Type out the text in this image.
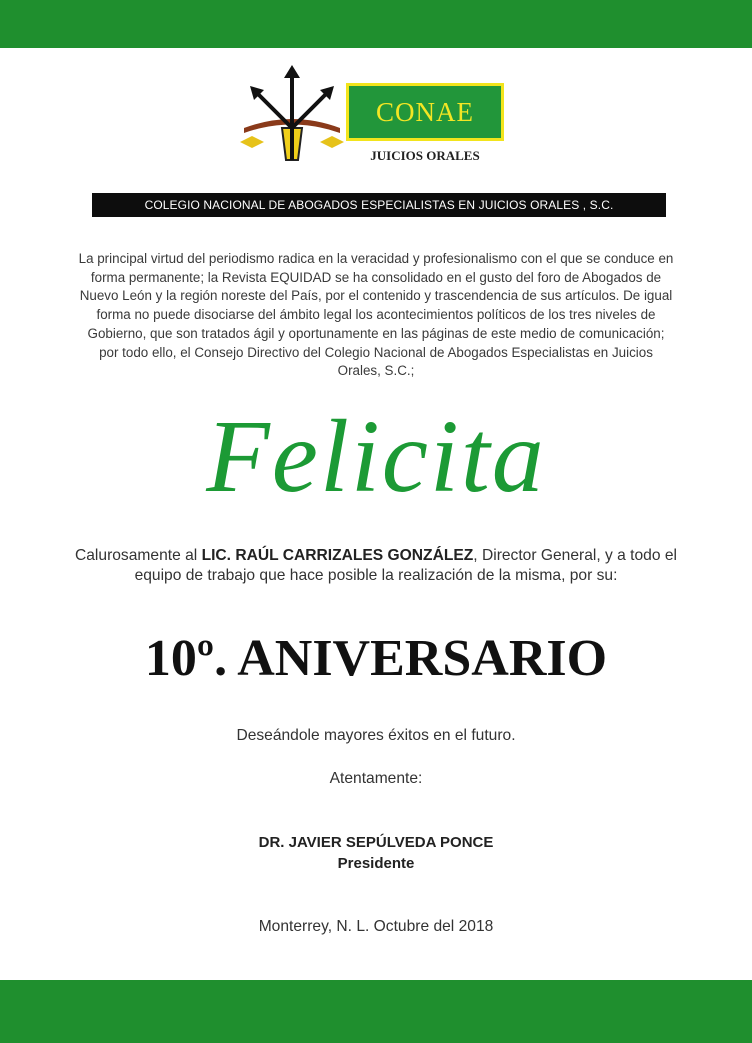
CONAE
JUICIOS ORALES
COLEGIO NACIONAL DE ABOGADOS ESPECIALISTAS EN JUICIOS ORALES , S.C.
La principal virtud del periodismo radica en la veracidad y profesionalismo con el que se conduce en forma permanente; la Revista EQUIDAD se ha consolidado en el gusto del foro de Abogados de Nuevo León y la región noreste del País, por el contenido y trascendencia de sus artículos. De igual forma no puede disociarse del ámbito legal los acontecimientos políticos de los tres niveles de Gobierno, que son tratados ágil y oportunamente en las páginas de este medio de comunicación; por todo ello, el Consejo Directivo del Colegio Nacional de Abogados Especialistas en Juicios Orales, S.C.;
Felicita
Calurosamente al LIC. RAÚL CARRIZALES GONZÁLEZ, Director General, y a todo el equipo de trabajo que hace posible la realización de la misma, por su:
10º. ANIVERSARIO
Deseándole mayores éxitos en el futuro.
Atentamente:
DR. JAVIER SEPÚLVEDA PONCE
Presidente
Monterrey, N. L. Octubre del 2018
